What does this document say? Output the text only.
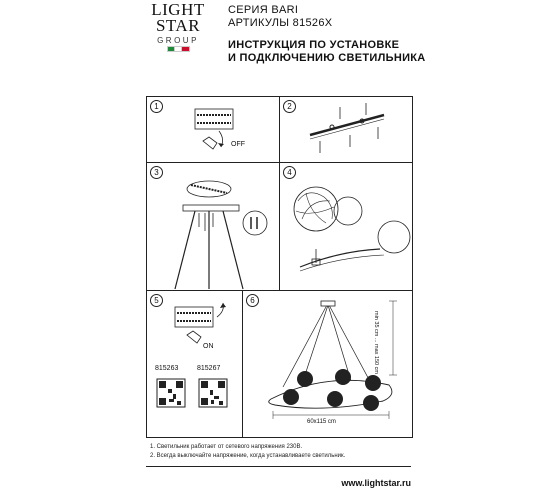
LIGHT
STAR
GROUP
СЕРИЯ BARI
АРТИКУЛЫ 81526X
ИНСТРУКЦИЯ ПО УСТАНОВКЕ
И ПОДКЛЮЧЕНИЮ СВЕТИЛЬНИКА
1
OFF
2
3	4
5
ON
815263	815267
6
min 35 cm ... max 150 cm
60x115 cm
1. Светильник работает от сетевого напряжения 230В.
2. Всегда выключайте напряжение, когда устанавливаете светильник.
www.lightstar.ru
